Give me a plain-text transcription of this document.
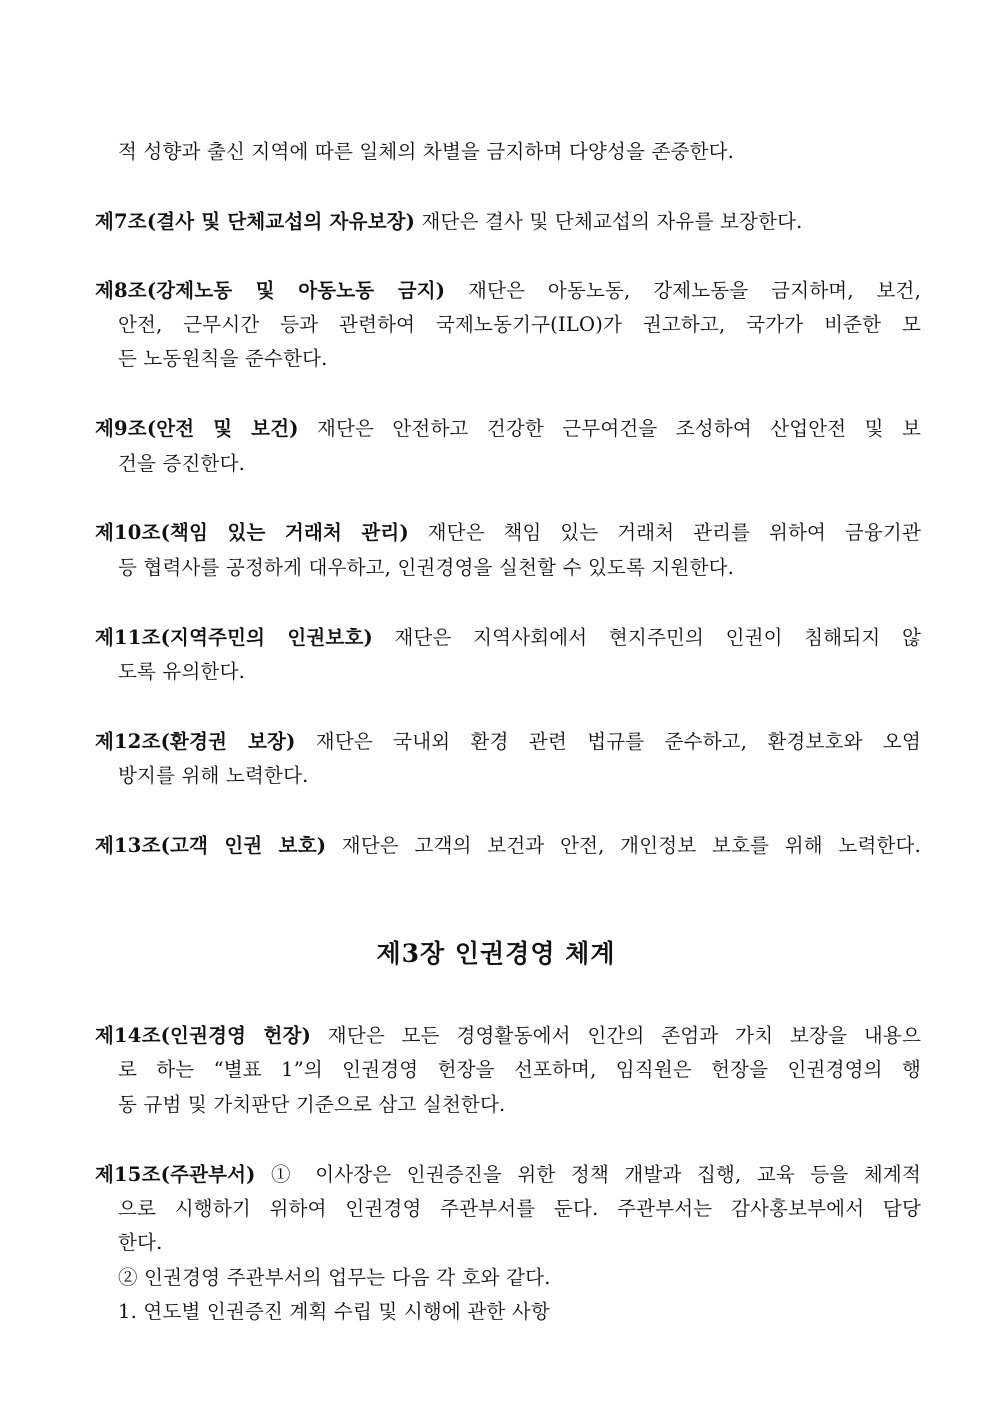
적 성향과 출신 지역에 따른 일체의 차별을 금지하며 다양성을 존중한다.
제7조(결사 및 단체교섭의 자유보장) 재단은 결사 및 단체교섭의 자유를 보장한다.
제8조(강제노동 및 아동노동 금지) 재단은 아동노동, 강제노동을 금지하며, 보건,
안전, 근무시간 등과 관련하여 국제노동기구(ILO)가 권고하고, 국가가 비준한 모
든 노동원칙을 준수한다.
제9조(안전 및 보건) 재단은 안전하고 건강한 근무여건을 조성하여 산업안전 및 보
건을 증진한다.
제10조(책임 있는 거래처 관리) 재단은 책임 있는 거래처 관리를 위하여 금융기관
등 협력사를 공정하게 대우하고, 인권경영을 실천할 수 있도록 지원한다.
제11조(지역주민의 인권보호) 재단은 지역사회에서 현지주민의 인권이 침해되지 않
도록 유의한다.
제12조(환경권 보장) 재단은 국내외 환경 관련 법규를 준수하고, 환경보호와 오염
방지를 위해 노력한다.
제13조(고객 인권 보호) 재단은 고객의 보건과 안전, 개인정보 보호를 위해 노력한다.
제3장 인권경영 체계
제14조(인권경영 헌장) 재단은 모든 경영활동에서 인간의 존엄과 가치 보장을 내용으
로 하는 “별표 1”의 인권경영 헌장을 선포하며, 임직원은 헌장을 인권경영의 행
동 규범 및 가치판단 기준으로 삼고 실천한다.
제15조(주관부서) ① 이사장은 인권증진을 위한 정책 개발과 집행, 교육 등을 체계적
으로 시행하기 위하여 인권경영 주관부서를 둔다. 주관부서는 감사홍보부에서 담당
한다.
② 인권경영 주관부서의 업무는 다음 각 호와 같다.
1. 연도별 인권증진 계획 수립 및 시행에 관한 사항
